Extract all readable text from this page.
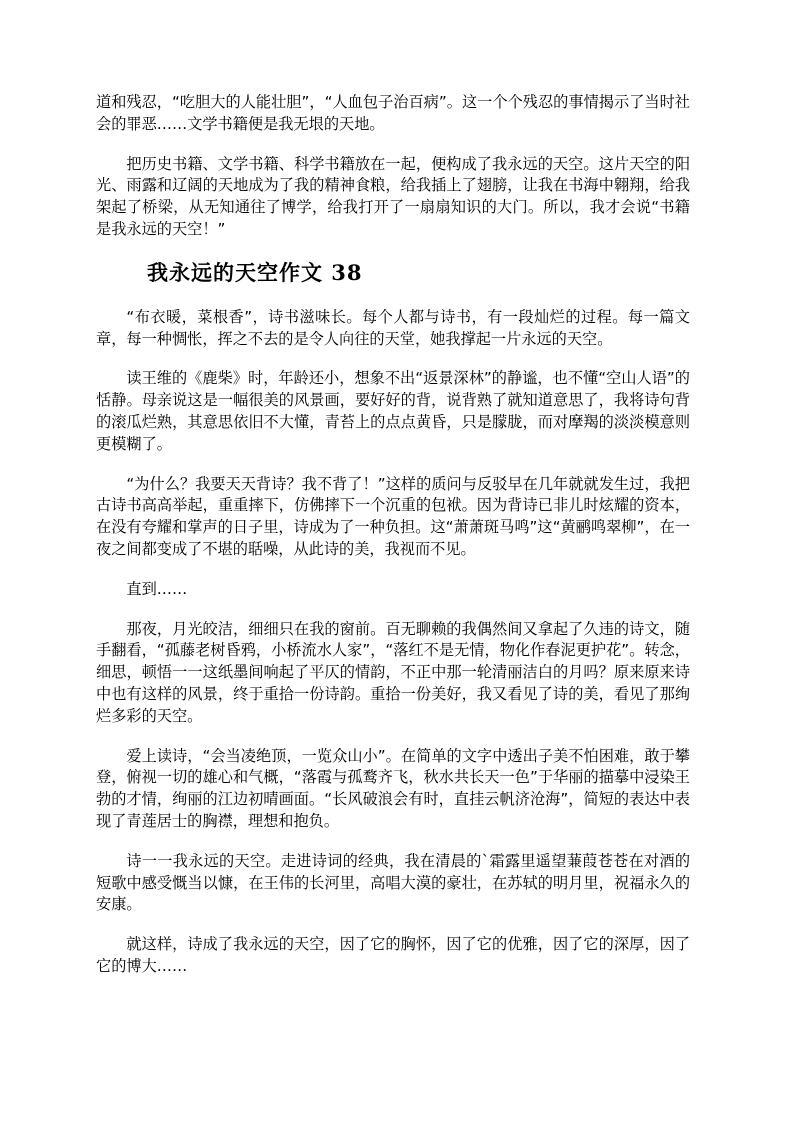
道和残忍，“吃胆大的人能壮胆”，“人血包子治百病”。这一个个残忍的事情揭示了当时社会的罪恶……文学书籍便是我无垠的天地。

把历史书籍、文学书籍、科学书籍放在一起，便构成了我永远的天空。这片天空的阳光、雨露和辽阔的天地成为了我的精神食粮，给我插上了翅膀，让我在书海中翱翔，给我架起了桥梁，从无知通往了博学，给我打开了一扇扇知识的大门。所以，我才会说“书籍是我永远的天空！”

我永远的天空作文 38

“布衣暖，菜根香”，诗书滋味长。每个人都与诗书，有一段灿烂的过程。每一篇文章，每一种惆怅，挥之不去的是令人向往的天堂，她我撑起一片永远的天空。

读王维的《鹿柴》时，年龄还小，想象不出“返景深林”的静谧，也不懂“空山人语”的恬静。母亲说这是一幅很美的风景画，要好好的背，说背熟了就知道意思了，我将诗句背的滚瓜烂熟，其意思依旧不大懂，青苔上的点点黄昏，只是朦胧，而对摩羯的淡淡模意则更模糊了。

“为什么？我要天天背诗？我不背了！”这样的质问与反驳早在几年就就发生过，我把古诗书高高举起，重重摔下，仿佛摔下一个沉重的包袱。因为背诗已非儿时炫耀的资本，在没有夸耀和掌声的日子里，诗成为了一种负担。这“萧萧斑马鸣”这“黄鹂鸣翠柳”，在一夜之间都变成了不堪的聒噪，从此诗的美，我视而不见。

直到……

那夜，月光皎洁，细细只在我的窗前。百无聊赖的我偶然间又拿起了久违的诗文，随手翻看，“孤藤老树昏鸦，小桥流水人家”，“落红不是无情，物化作春泥更护花”。转念，细思，顿悟一一这纸墨间响起了平仄的情韵，不正中那一轮清丽洁白的月吗？原来原来诗中也有这样的风景，终于重拾一份诗韵。重拾一份美好，我又看见了诗的美，看见了那绚烂多彩的天空。

爱上读诗，“会当凌绝顶，一览众山小”。在简单的文字中透出子美不怕困难，敢于攀登，俯视一切的雄心和气概，“落霞与孤鹜齐飞，秋水共长天一色”于华丽的描摹中浸染王勃的才情，绚丽的江边初晴画面。“长风破浪会有时，直挂云帆济沧海”，简短的表达中表现了青莲居士的胸襟，理想和抱负。

诗一一我永远的天空。走进诗词的经典，我在清晨的`霜露里遥望蒹葭苍苍在对酒的短歌中感受慨当以慷，在王伟的长河里，高唱大漠的豪壮，在苏轼的明月里，祝福永久的安康。

就这样，诗成了我永远的天空，因了它的胸怀，因了它的优雅，因了它的深厚，因了它的博大……
